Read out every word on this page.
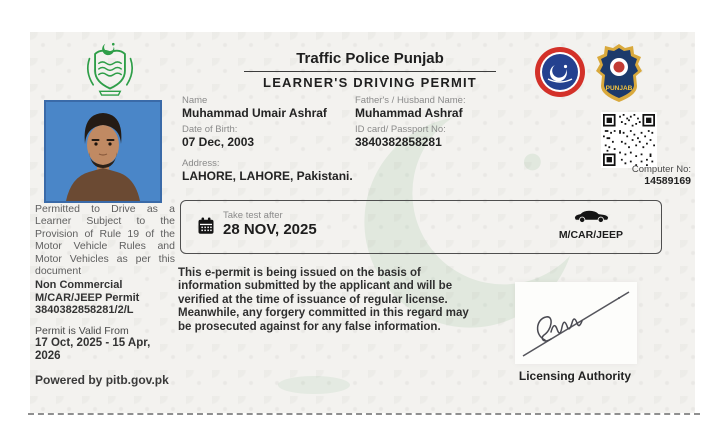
Permitted to Drive as a Learner Subject to the Provision of Rule 19 of the Motor Vehicle Rules and Motor Vehicles as per this document

Non Commercial
M/CAR/JEEP Permit
3840382858281/2/L
Permit is Valid From
17 Oct, 2025 - 15 Apr, 2026
Powered by pitb.gov.pk
Traffic Police Punjab
LEARNER'S DRIVING PERMIT
Name
Muhammad Umair Ashraf
Father's / Husband Name:
Muhammad Ashraf
Date of Birth:
07 Dec, 2003
ID card/ Passport No:
3840382858281
Address:
LAHORE, LAHORE, Pakistani.
PUNJAB
Computer No:
14589169
Take test after
28 NOV, 2025	M/CAR/JEEP

This e-permit is being issued on the basis of information submitted by the applicant and will be verified at the time of issuance of regular license. Meanwhile, any forgery committed in this regard may be prosecuted against for any false information.

Licensing Authority
